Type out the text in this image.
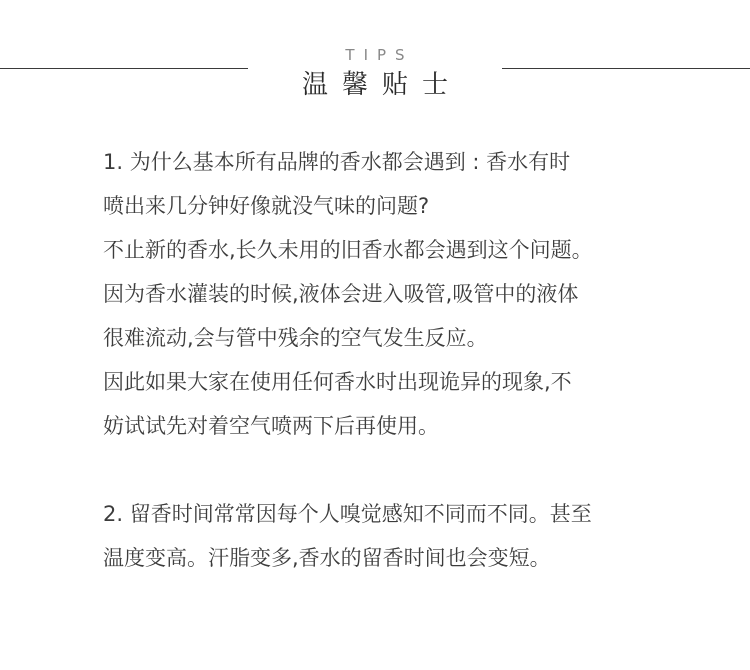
TIPS
温馨贴士

1. 为什么基本所有品牌的香水都会遇到 : 香水有时
喷出来几分钟好像就没气味的问题?
不止新的香水,长久未用的旧香水都会遇到这个问题。
因为香水灌装的时候,液体会进入吸管,吸管中的液体
很难流动,会与管中残余的空气发生反应。
因此如果大家在使用任何香水时出现诡异的现象,不
妨试试先对着空气喷两下后再使用。

2. 留香时间常常因每个人嗅觉感知不同而不同。甚至
温度变高。汗脂变多,香水的留香时间也会变短。
